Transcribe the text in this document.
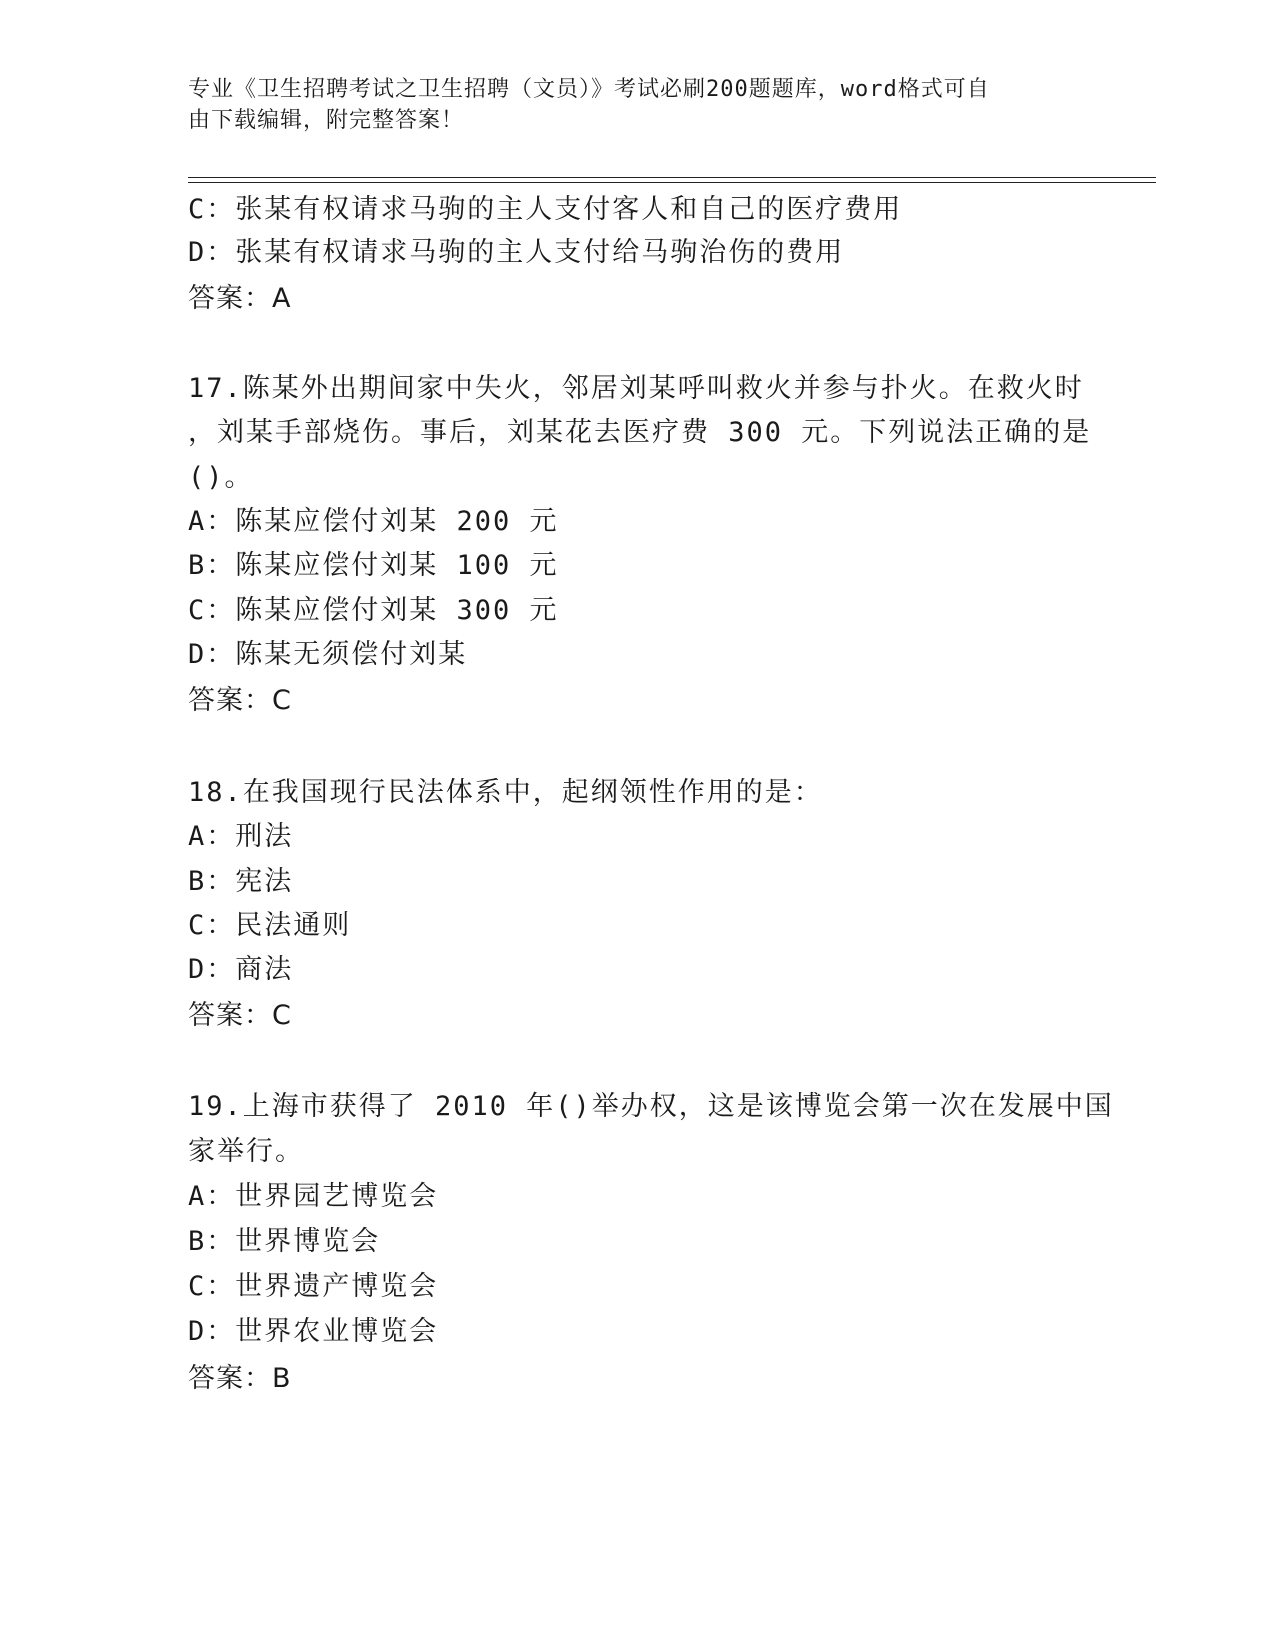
专业《卫生招聘考试之卫生招聘（文员）》考试必刷200题题库，word格式可自
由下载编辑，附完整答案！
C：张某有权请求马驹的主人支付客人和自己的医疗费用
D：张某有权请求马驹的主人支付给马驹治伤的费用
答案：A
17.陈某外出期间家中失火，邻居刘某呼叫救火并参与扑火。在救火时
，刘某手部烧伤。事后，刘某花去医疗费 300 元。下列说法正确的是
()。
A：陈某应偿付刘某 200 元
B：陈某应偿付刘某 100 元
C：陈某应偿付刘某 300 元
D：陈某无须偿付刘某
答案：C
18.在我国现行民法体系中，起纲领性作用的是：
A：刑法
B：宪法
C：民法通则
D：商法
答案：C
19.上海市获得了 2010 年()举办权，这是该博览会第一次在发展中国
家举行。
A：世界园艺博览会
B：世界博览会
C：世界遗产博览会
D：世界农业博览会
答案：B
